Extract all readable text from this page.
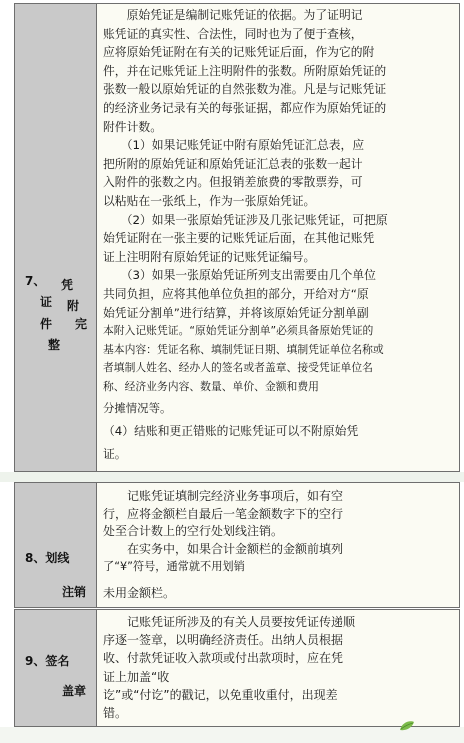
7、 凭
证 附
件 完
整
　　原始凭证是编制记账凭证的依据。为了证明记
账凭证的真实性、合法性，同时也为了便于查核，
应将原始凭证附在有关的记账凭证后面，作为它的附
件，并在记账凭证上注明附件的张数。所附原始凭证的
张数一般以原始凭证的自然张数为准。凡是与记账凭证
的经济业务记录有关的每张证据，都应作为原始凭证的
附件计数。
　　（1）如果记账凭证中附有原始凭证汇总表，应
把所附的原始凭证和原始凭证汇总表的张数一起计
入附件的张数之内。但报销差旅费的零散票券，可
以粘贴在一张纸上，作为一张原始凭证。
　　（2）如果一张原始凭证涉及几张记账凭证，可把原
始凭证附在一张主要的记账凭证后面，在其他记账凭
证上注明附有原始凭证的记账凭证编号。
　　（3）如果一张原始凭证所列支出需要由几个单位
共同负担，应将其他单位负担的部分，开给对方“原
始凭证分割单”进行结算，并将该原始凭证分割单副
本附入记账凭证。“原始凭证分割单”必须具备原始凭证的
基本内容：凭证名称、填制凭证日期、填制凭证单位名称或
者填制人姓名、经办人的签名或者盖章、接受凭证单位名
称、经济业务内容、数量、单价、金额和费用
分摊情况等。
（4）结账和更正错账的记账凭证可以不附原始凭
证。
8、划线
注销
　　记账凭证填制完经济业务事项后，如有空
行，应将金额栏自最后一笔金额数字下的空行
处至合计数上的空行处划线注销。
　　在实务中，如果合计金额栏的金额前填列
了“¥”符号，通常就不用划销
未用金额栏。
9、签名
盖章
　　记账凭证所涉及的有关人员要按凭证传递顺
序逐一签章，以明确经济责任。出纳人员根据
收、付款凭证收入款项或付出款项时，应在凭
证上加盖“收
讫”或“付讫”的戳记，以免重收重付，出现差
错。
